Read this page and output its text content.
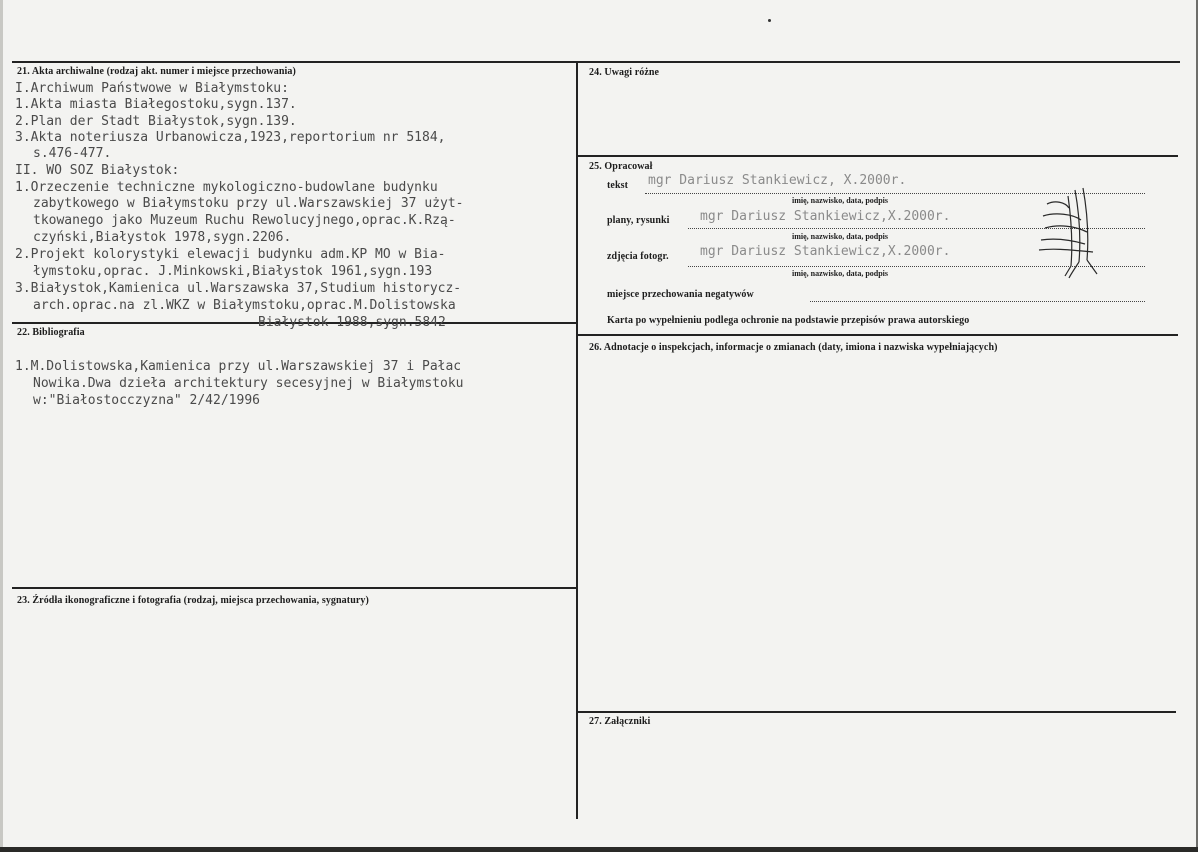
21. Akta archiwalne (rodzaj akt. numer i miejsce przechowania)
I.Archiwum Państwowe w Białymstoku:
1.Akta miasta Białegostoku,sygn.137.
2.Plan der Stadt Białystok,sygn.139.
3.Akta noteriusza Urbanowicza,1923,reportorium nr 5184,
s.476-477.
II. WO SOZ Białystok:
1.Orzeczenie techniczne mykologiczno-budowlane budynku
zabytkowego w Białymstoku przy ul.Warszawskiej 37 użyt-
tkowanego jako Muzeum Ruchu Rewolucyjnego,oprac.K.Rzą-
czyński,Białystok 1978,sygn.2206.
2.Projekt kolorystyki elewacji budynku adm.KP MO w Bia-
łymstoku,oprac. J.Minkowski,Białystok 1961,sygn.193
3.Białystok,Kamienica ul.Warszawska 37,Studium historycz-
arch.oprac.na zl.WKZ w Białymstoku,oprac.M.Dolistowska
Białystok 1988,sygn.5842
22. Bibliografia
1.M.Dolistowska,Kamienica przy ul.Warszawskiej 37 i Pałac
Nowika.Dwa dzieła architektury secesyjnej w Białymstoku
w:"Białostocczyzna" 2/42/1996
23. Źródła ikonograficzne i fotografia (rodzaj, miejsca przechowania, sygnatury)
24. Uwagi różne
25. Opracował
tekst mgr Dariusz Stankiewicz, X.2000r.
imię, nazwisko, data, podpis
plany, rysunki mgr Dariusz Stankiewicz,X.2000r.
imię, nazwisko, data, podpis
zdjęcia fotogr. mgr Dariusz Stankiewicz,X.2000r.
imię, nazwisko, data, podpis
miejsce przechowania negatywów
Karta po wypełnieniu podlega ochronie na podstawie przepisów prawa autorskiego
26. Adnotacje o inspekcjach, informacje o zmianach (daty, imiona i nazwiska wypełniających)
27. Załączniki
